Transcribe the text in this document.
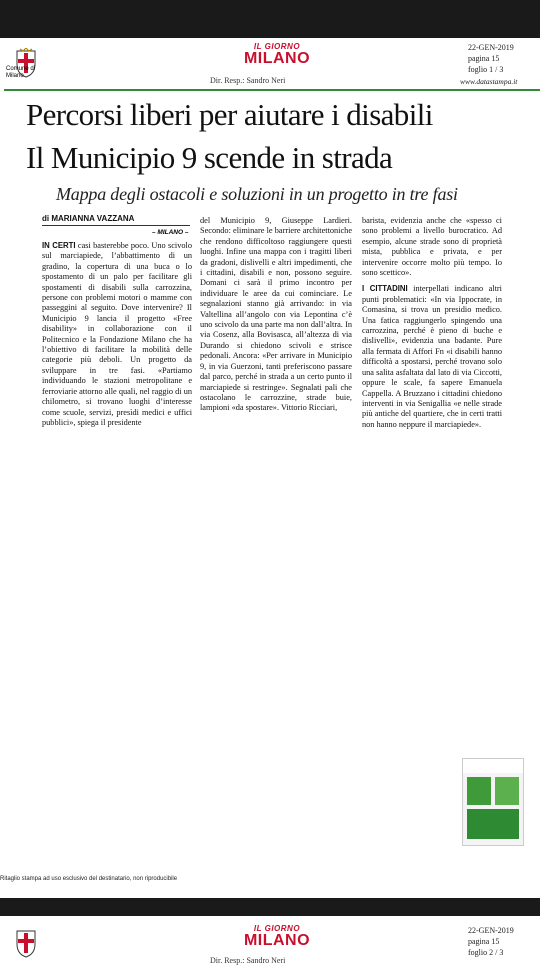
Comune di
Milano
IL GIORNO
MILANO
Dir. Resp.: Sandro Neri
22-GEN-2019
pagina 15
foglio 1 / 3
www.datastampa.it
Percorsi liberi per aiutare i disabili
Il Municipio 9 scende in strada
Mappa degli ostacoli e soluzioni in un progetto in tre fasi
di MARIANNA VAZZANA
– MILANO –

IN CERTI casi basterebbe poco. Uno scivolo sul marciapiede, l’abbattimento di un gradino, la copertura di una buca o lo spostamento di un palo per facilitare gli spostamenti di disabili sulla carrozzina, persone con problemi motori o mamme con passeggini al seguito. Dove intervenire? Il Municipio 9 lancia il progetto «Free disability» in collaborazione con il Politecnico e la Fondazione Milano che ha l’obiettivo di facilitare la mobilità delle categorie più deboli. Un progetto da sviluppare in tre fasi. «Partiamo individuando le stazioni metropolitane e ferroviarie attorno alle quali, nel raggio di un chilometro, si trovano luoghi d’interesse come scuole, servizi, presìdi medici e uffici pubblici», spiega il presidente

del Municipio 9, Giuseppe Lardieri. Secondo: eliminare le barriere architettoniche che rendono difficoltoso raggiungere questi luoghi. Infine una mappa con i tragitti liberi da gradoni, dislivelli e altri impedimenti, che i cittadini, disabili e non, possono seguire. Domani ci sarà il primo incontro per individuare le aree da cui cominciare. Le segnalazioni stanno già arrivando: in via Valtellina all’angolo con via Lepontina c’è uno scivolo da una parte ma non dall’altra. In via Cosenz, alla Bovisasca, all’altezza di via Durando si chiedono scivoli e strisce pedonali. Ancora: «Per arrivare in Municipio 9, in via Guerzoni, tanti preferiscono passare dal parco, perché in strada a un certo punto il marciapiede si restringe». Segnalati pali che ostacolano le carrozzine, strade buie, lampioni «da spostare». Vittorio Ricciari,

barista, evidenzia anche che «spesso ci sono problemi a livello burocratico. Ad esempio, alcune strade sono di proprietà mista, pubblica e privata, e per intervenire occorre molto più tempo. Io sono scettico».

I CITTADINI interpellati indicano altri punti problematici: «In via Ippocrate, in Comasina, si trova un presidio medico. Una fatica raggiungerlo spingendo una carrozzina, perché è pieno di buche e dislivelli», evidenzia una badante. Pure alla fermata di Affori Fn «i disabili hanno difficoltà a spostarsi, perché trovano solo una salita asfaltata dal lato di via Ciccotti, oppure le scale, fa sapere Emanuela Cappella. A Bruzzano i cittadini chiedono interventi in via Senigallia «e nelle strade più antiche del quartiere, che in certi tratti non hanno neppure il marciapiede».

Ritaglio stampa ad uso esclusivo del destinatario, non riproducibile
IL GIORNO
MILANO
Dir. Resp.: Sandro Neri
22-GEN-2019
pagina 15
foglio 2 / 3
